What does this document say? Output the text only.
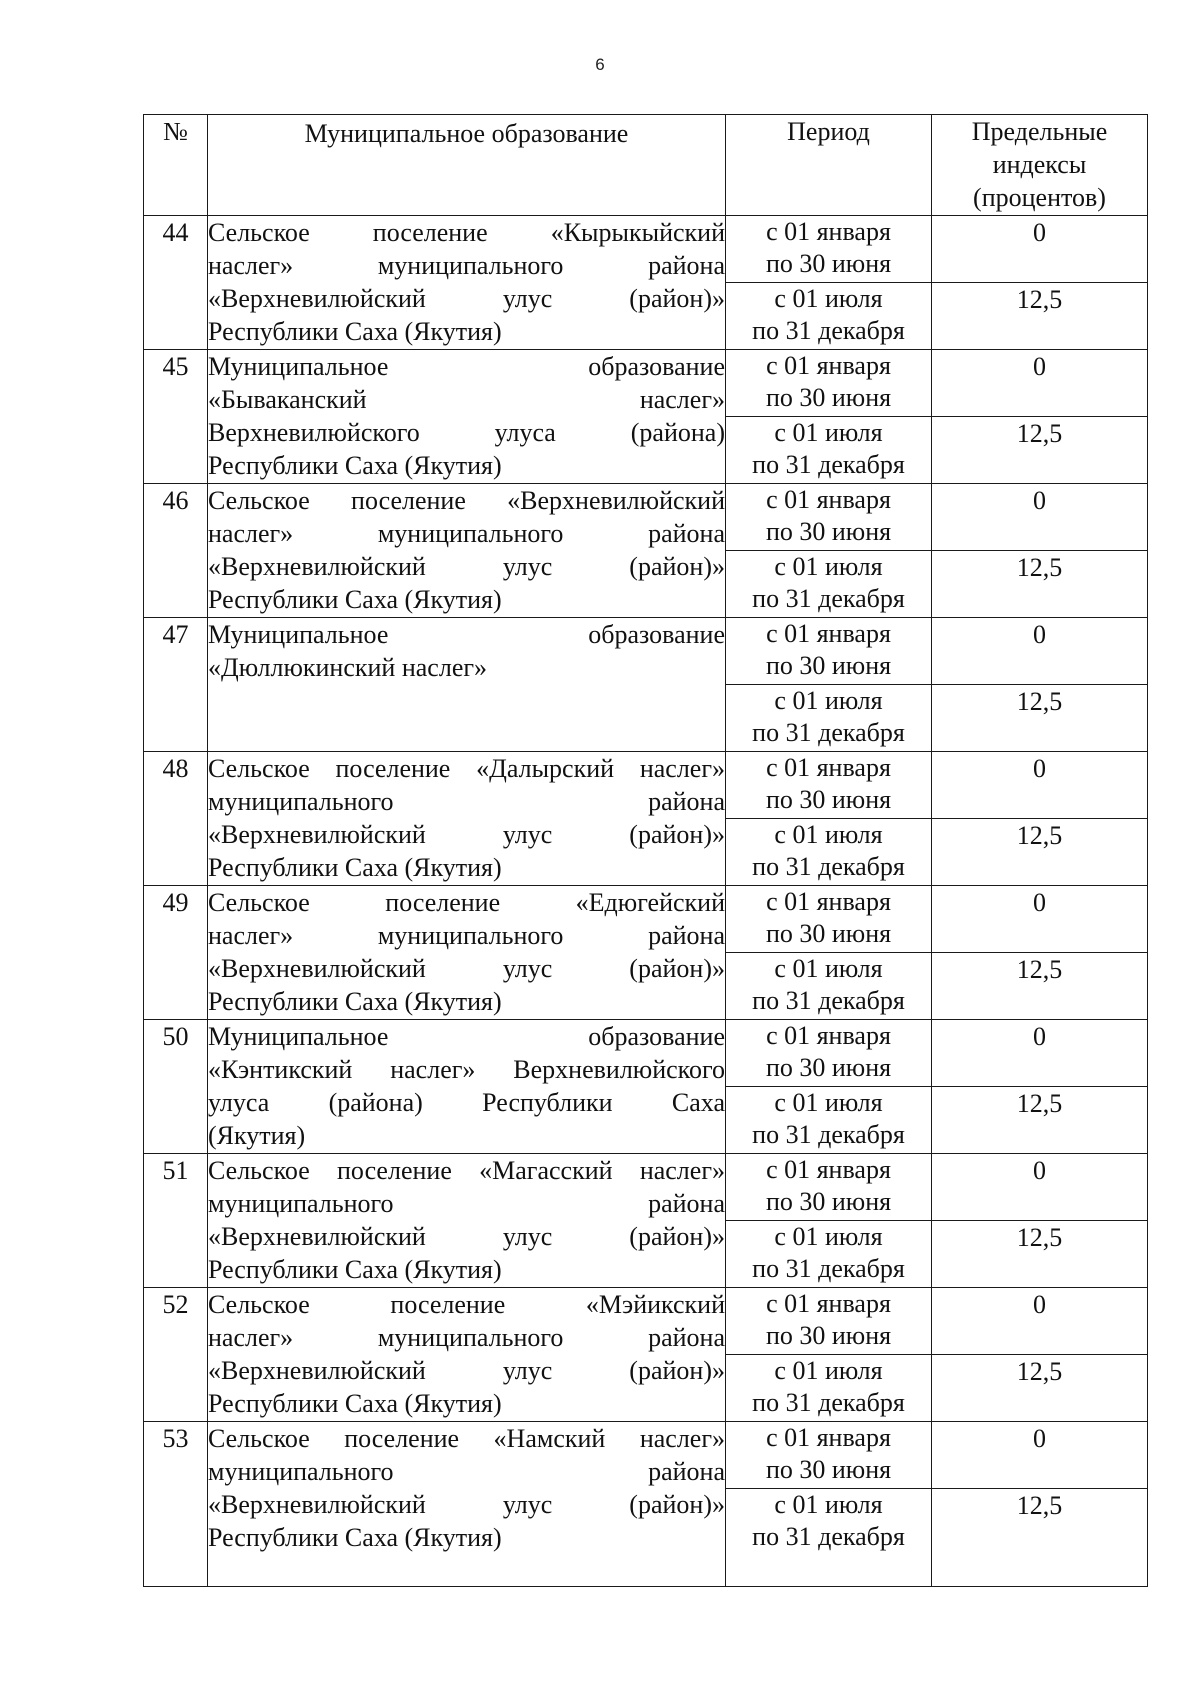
6
№	Муниципальное образование	Период	Предельные
индексы
(процентов)

44	Сельское поселение «Кырыкыйский
наслег» муниципального района
«Верхневилюйский улус (район)»
Республики Саха (Якутия)	с 01 января
по 30 июня	0

		с 01 июля
по 31 декабря	12,5
45	Муниципальное образование
«Бываканский наслег»
Верхневилюйского улуса (района)
Республики Саха (Якутия)	с 01 января
по 30 июня	0

		с 01 июля
по 31 декабря	12,5
46	Сельское поселение «Верхневилюйский
наслег» муниципального района
«Верхневилюйский улус (район)»
Республики Саха (Якутия)	с 01 января
по 30 июня	0

		с 01 июля
по 31 декабря	12,5
47	Муниципальное образование
«Дюллюкинский наслег»	с 01 января
по 30 июня	0

		с 01 июля
по 31 декабря	12,5
48	Сельское поселение «Далырский наслег»
муниципального района
«Верхневилюйский улус (район)»
Республики Саха (Якутия)	с 01 января
по 30 июня	0

		с 01 июля
по 31 декабря	12,5
49	Сельское поселение «Едюгейский
наслег» муниципального района
«Верхневилюйский улус (район)»
Республики Саха (Якутия)	с 01 января
по 30 июня	0

		с 01 июля
по 31 декабря	12,5
50	Муниципальное образование
«Кэнтикский наслег» Верхневилюйского
улуса (района) Республики Саха
(Якутия)	с 01 января
по 30 июня	0

		с 01 июля
по 31 декабря	12,5
51	Сельское поселение «Магасский наслег»
муниципального района
«Верхневилюйский улус (район)»
Республики Саха (Якутия)	с 01 января
по 30 июня	0

		с 01 июля
по 31 декабря	12,5
52	Сельское поселение «Мэйикский
наслег» муниципального района
«Верхневилюйский улус (район)»
Республики Саха (Якутия)	с 01 января
по 30 июня	0

		с 01 июля
по 31 декабря	12,5
53	Сельское поселение «Намский наслег»
муниципального района
«Верхневилюйский улус (район)»
Республики Саха (Якутия)	с 01 января
по 30 июня	0

		с 01 июля
по 31 декабря	12,5
